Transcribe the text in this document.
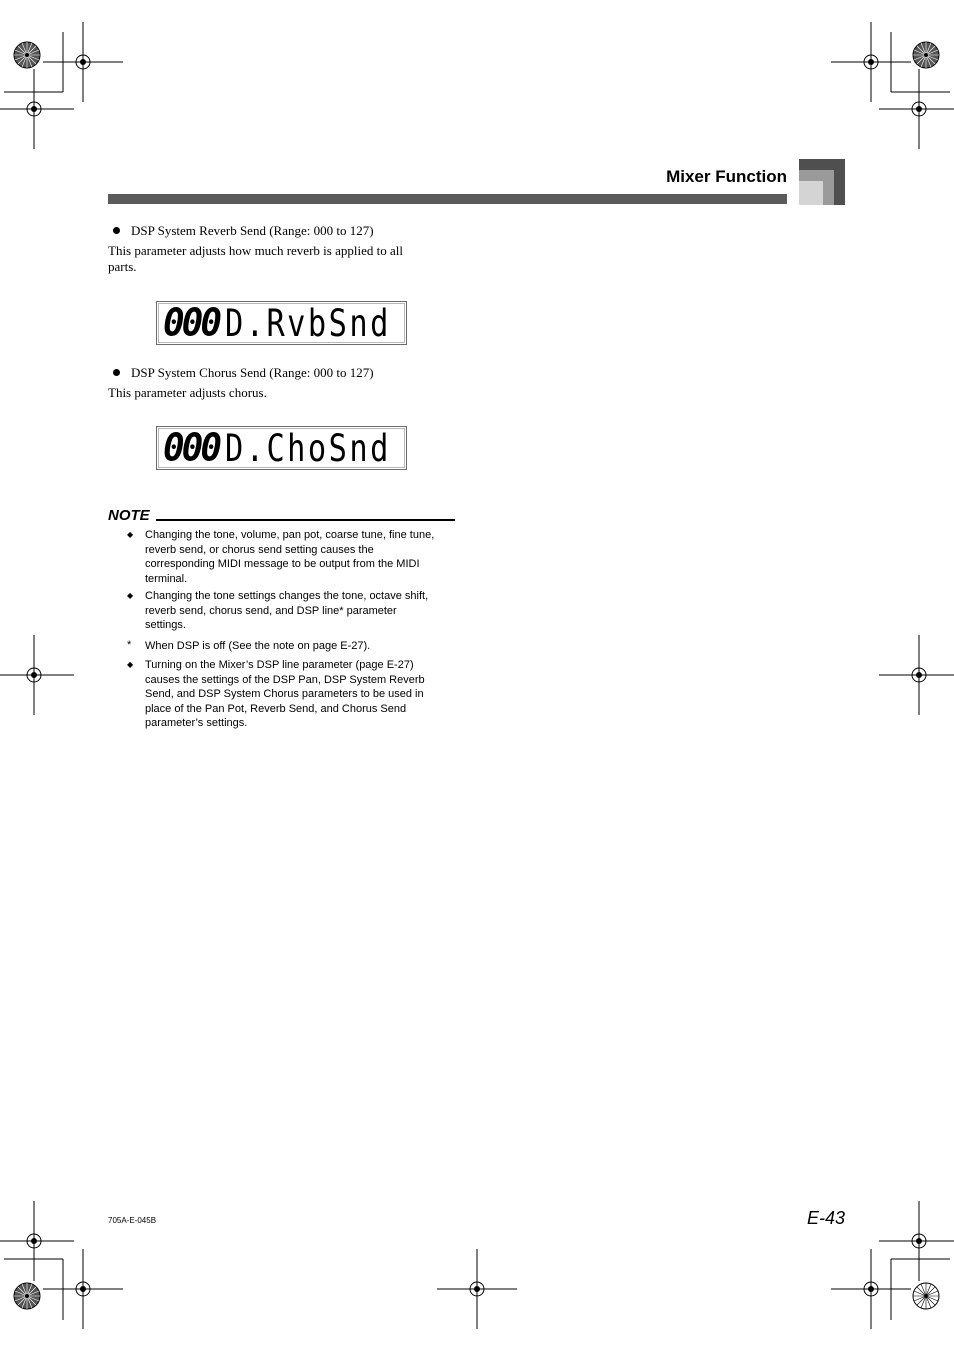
Mixer Function
DSP System Reverb Send (Range: 000 to 127)
This parameter adjusts how much reverb is applied to all
parts.
000 D.RvbSnd
DSP System Chorus Send (Range: 000 to 127)
This parameter adjusts chorus.
000 D.ChoSnd
NOTE
◆	Changing the tone, volume, pan pot, coarse tune, fine tune,
reverb send, or chorus send setting causes the
corresponding MIDI message to be output from the MIDI
terminal.
◆	Changing the tone settings changes the tone, octave shift,
reverb send, chorus send, and DSP line* parameter
settings.
*	When DSP is off (See the note on page E-27).
◆	Turning on the Mixer’s DSP line parameter (page E-27)
causes the settings of the DSP Pan, DSP System Reverb
Send, and DSP System Chorus parameters to be used in
place of the Pan Pot, Reverb Send, and Chorus Send
parameter’s settings.
705A-E-045B	E-43
